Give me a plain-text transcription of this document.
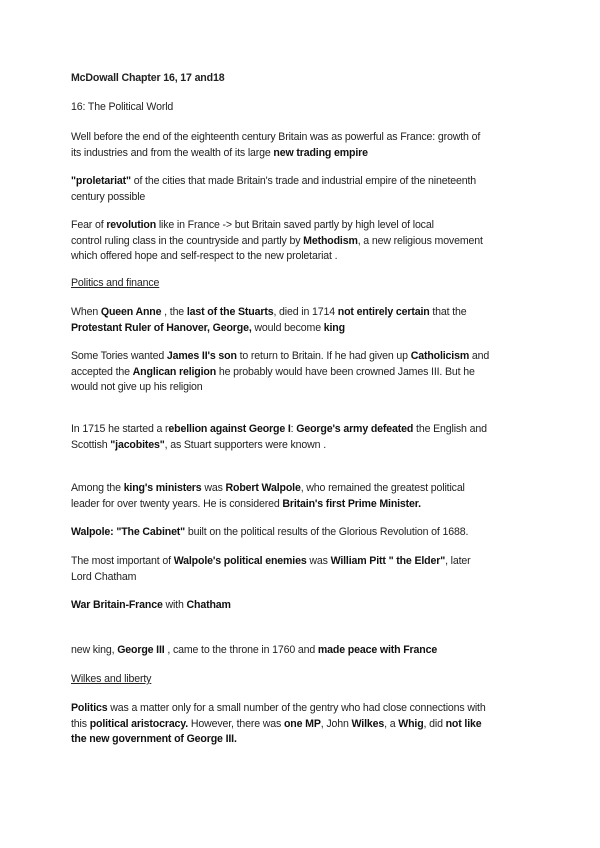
McDowall Chapter 16, 17 and18
16: The Political World
Well before the end of the eighteenth century Britain was as powerful as France: growth of
its industries and from the wealth of its large new trading empire
"proletariat" of the cities that made Britain's trade and industrial empire of the nineteenth
century possible
Fear of revolution like in France -> but Britain saved partly by high level of local
control ruling class in the countryside and partly by Methodism, a new religious movement
which offered hope and self-respect to the new proletariat .
Politics and finance
When Queen Anne , the last of the Stuarts, died in 1714 not entirely certain that the
Protestant Ruler of Hanover, George, would become king
Some Tories wanted James II's son to return to Britain. If he had given up Catholicism and
accepted the Anglican religion he probably would have been crowned James III. But he
would not give up his religion
In 1715 he started a rebellion against George I: George's army defeated the English and
Scottish "jacobites", as Stuart supporters were known .
Among the king's ministers was Robert Walpole, who remained the greatest political
leader for over twenty years. He is considered Britain's first Prime Minister.
Walpole: "The Cabinet" built on the political results of the Glorious Revolution of 1688.
The most important of Walpole's political enemies was William Pitt " the Elder", later
Lord Chatham
War Britain-France with Chatham
new king, George III , came to the throne in 1760 and made peace with France
Wilkes and liberty
Politics was a matter only for a small number of the gentry who had close connections with
this political aristocracy. However, there was one MP, John Wilkes, a Whig, did not like
the new government of George III.
